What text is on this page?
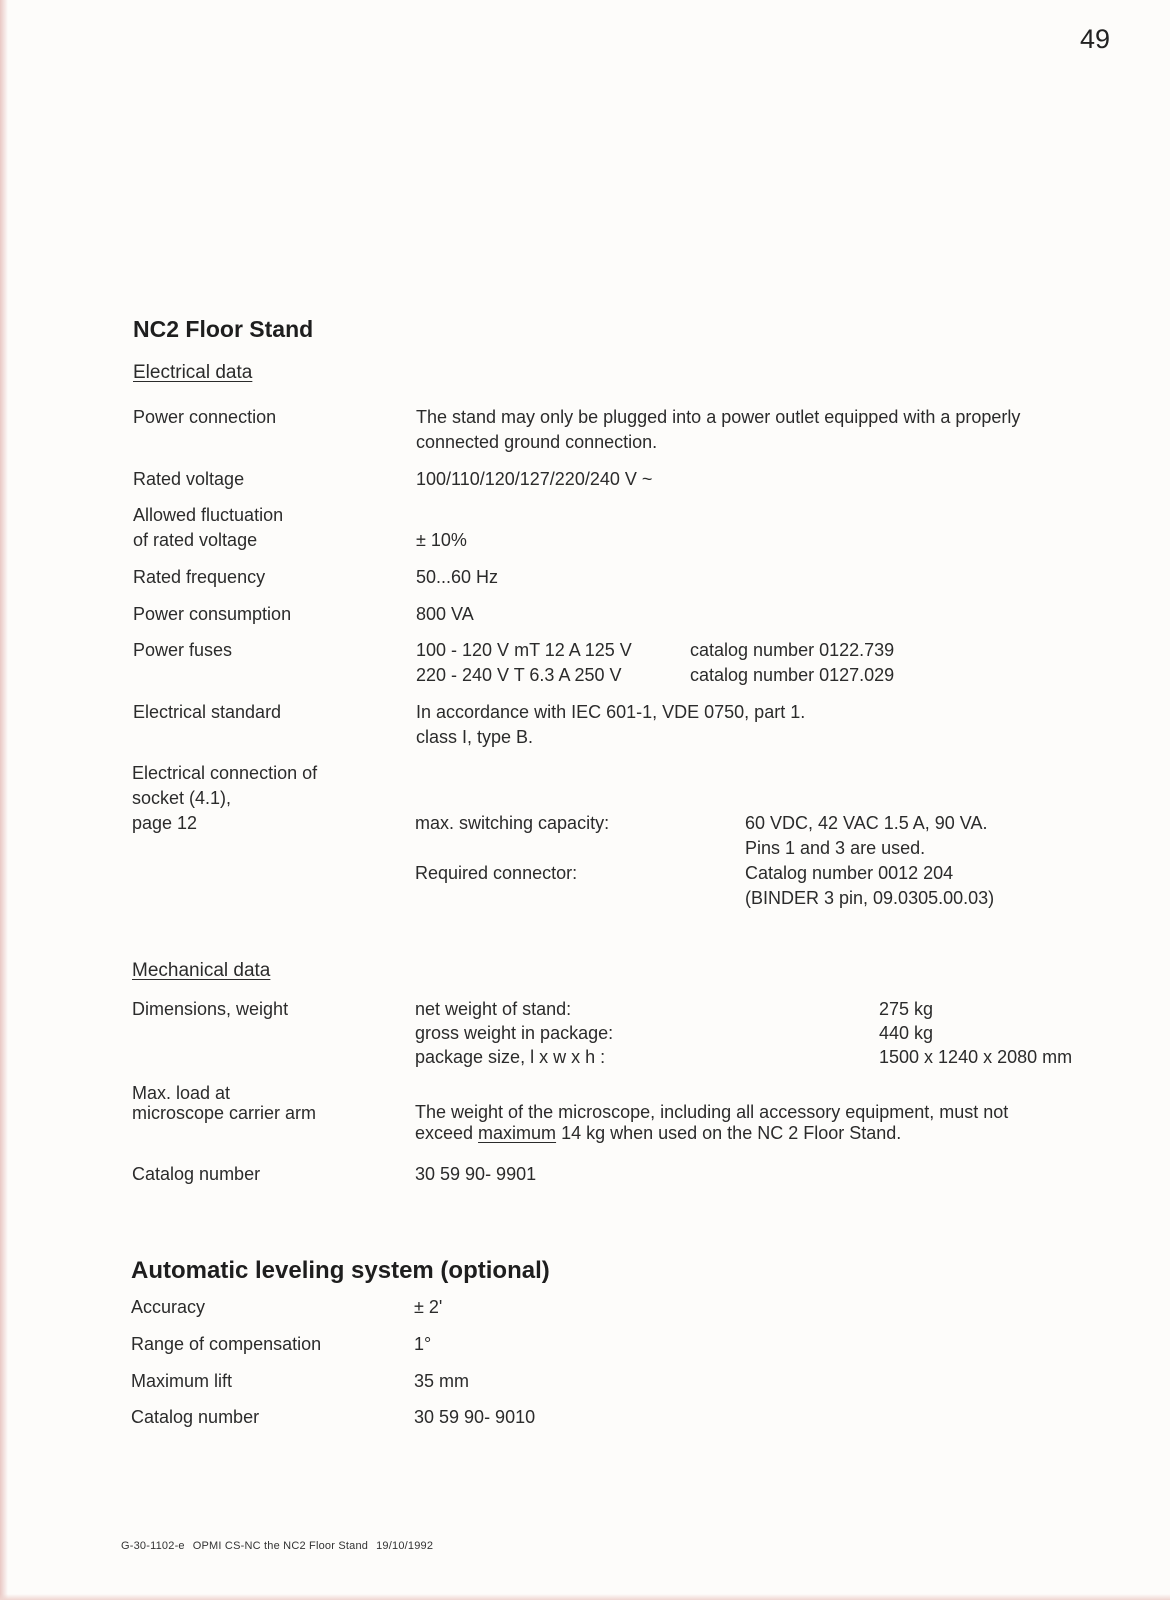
49
NC2 Floor Stand
Electrical data
Power connection	The stand may only be plugged into a power outlet equipped with a properly
connected ground connection.
Rated voltage	100/110/120/127/220/240 V ~
Allowed fluctuation
of rated voltage	± 10%
Rated frequency	50...60 Hz
Power consumption	800 VA
Power fuses	100 - 120 V mT 12 A 125 V	catalog number 0122.739
220 - 240 V T 6.3 A 250 V	catalog number 0127.029
Electrical standard	In accordance with IEC 601-1, VDE 0750, part 1.
class I, type B.
Electrical connection of
socket (4.1),
page 12	max. switching capacity:	60 VDC, 42 VAC 1.5 A, 90 VA.
Pins 1 and 3 are used.
Required connector:	Catalog number 0012 204
(BINDER 3 pin, 09.0305.00.03)
Mechanical data
Dimensions, weight	net weight of stand:	275 kg
gross weight in package:	440 kg
package size, l x w x h :	1500 x 1240 x 2080 mm
Max. load at
microscope carrier arm	The weight of the microscope, including all accessory equipment, must not
exceed maximum 14 kg when used on the NC 2 Floor Stand.
Catalog number	30 59 90- 9901
Automatic leveling system (optional)
Accuracy	± 2'
Range of compensation	1°
Maximum lift	35 mm
Catalog number	30 59 90- 9010
G-30-1102-e OPMI CS-NC the NC2 Floor Stand 19/10/1992
